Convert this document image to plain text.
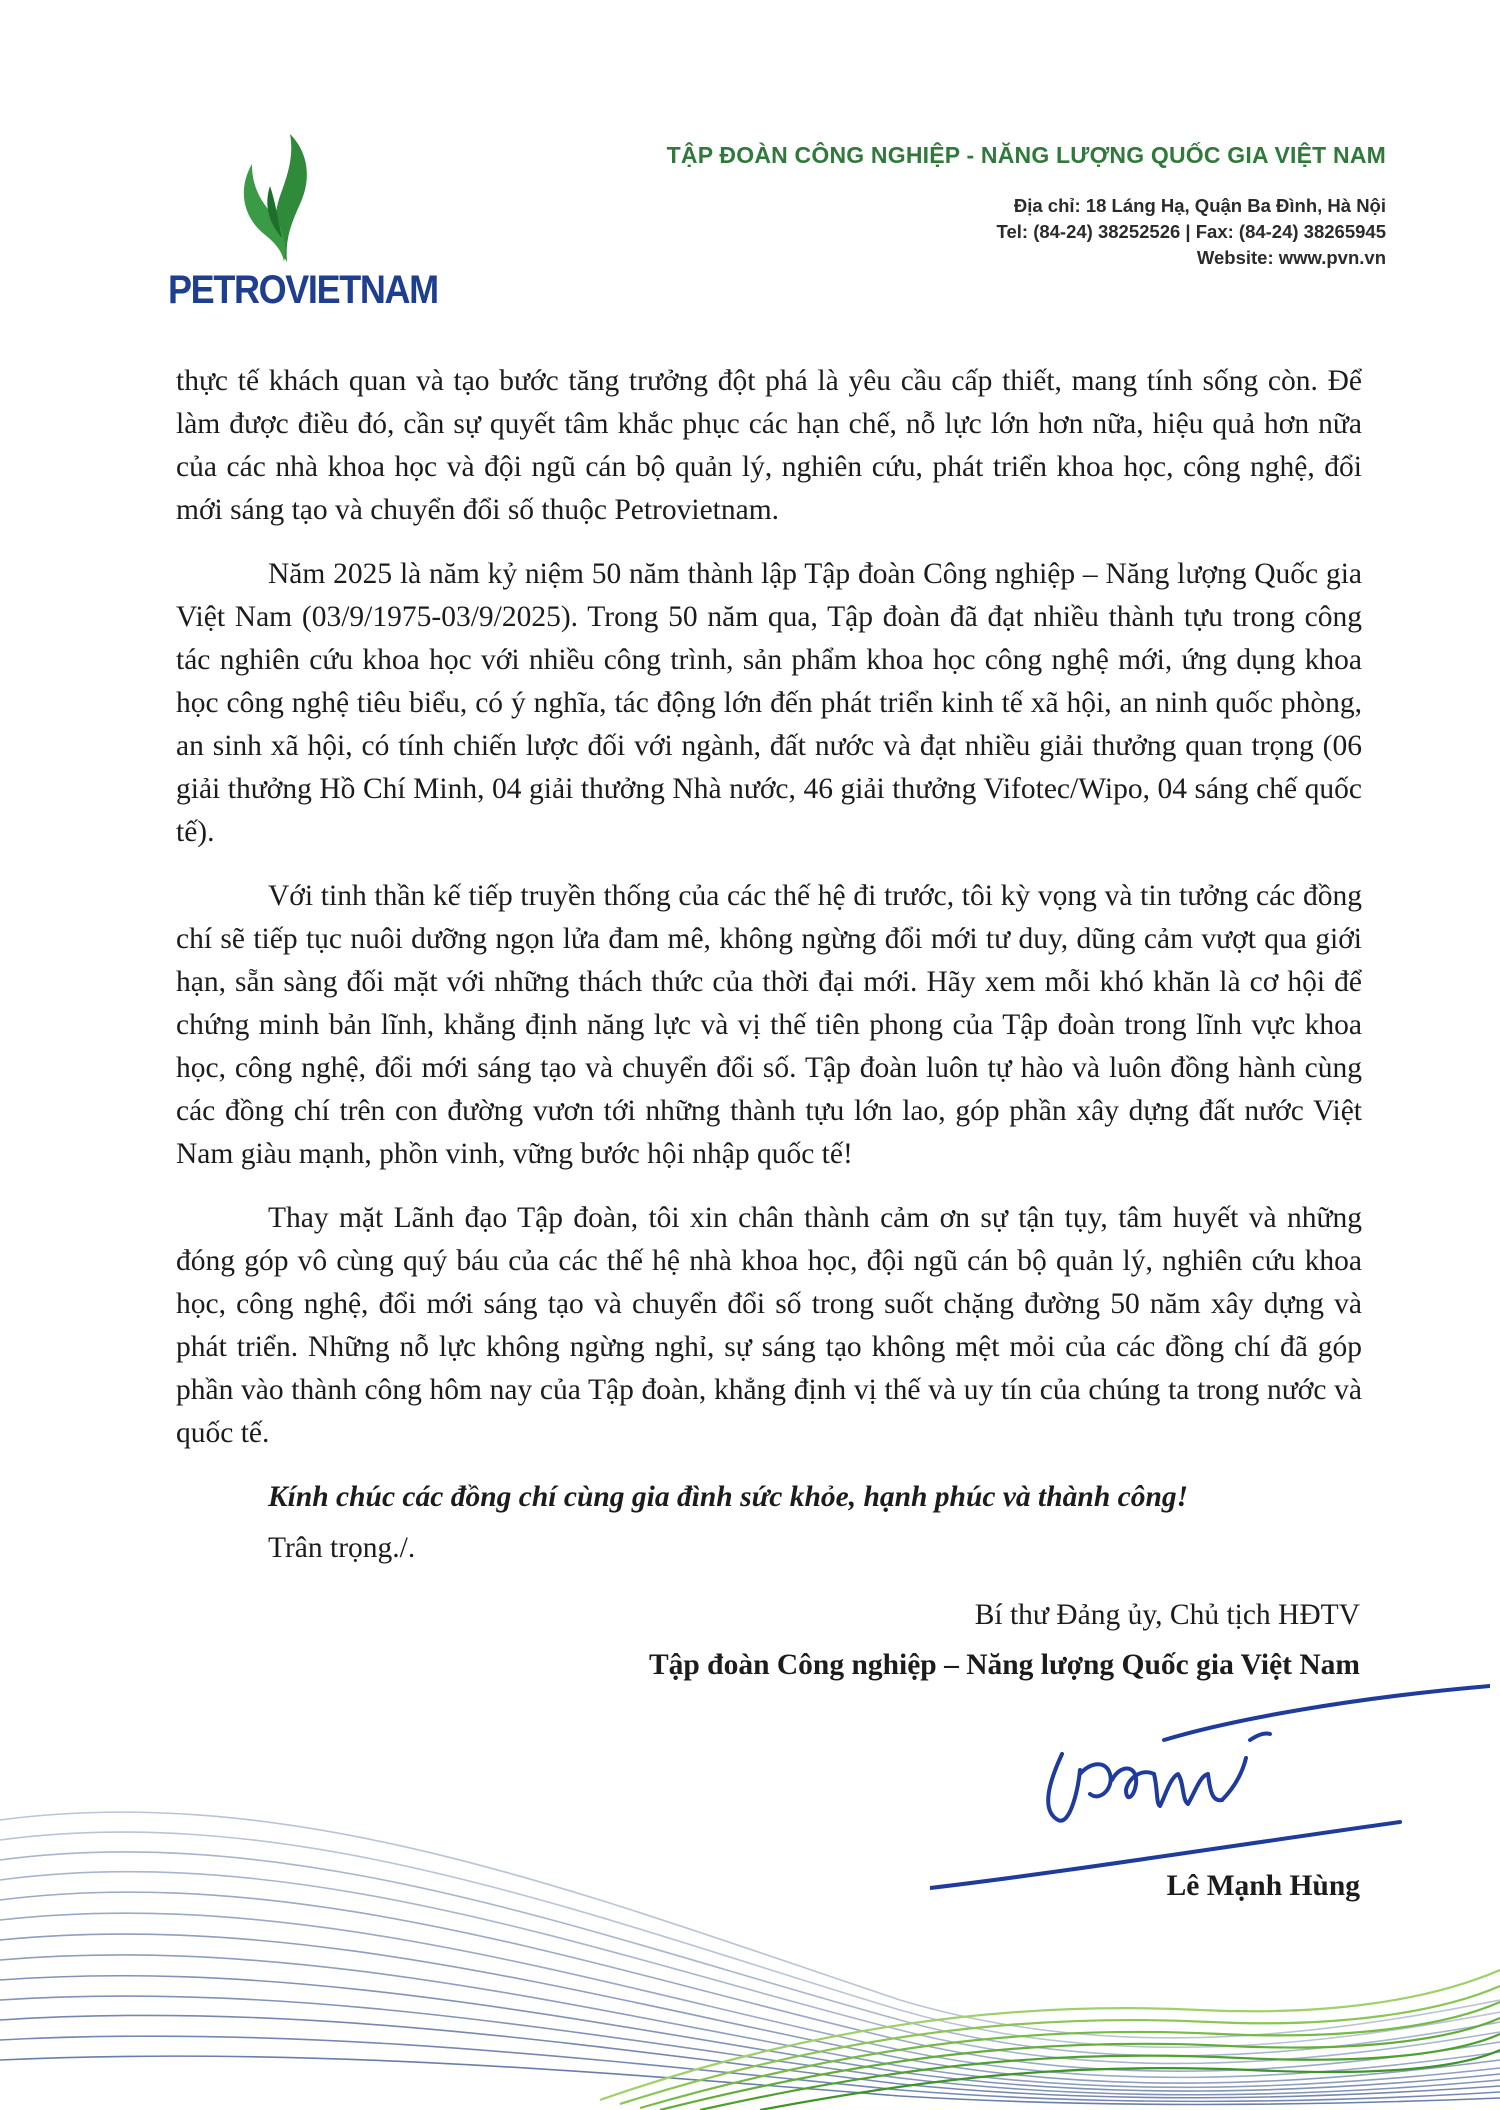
PETROVIETNAM
TẬP ĐOÀN CÔNG NGHIỆP - NĂNG LƯỢNG QUỐC GIA VIỆT NAM
Địa chỉ: 18 Láng Hạ, Quận Ba Đình, Hà Nội
Tel: (84-24) 38252526 | Fax: (84-24) 38265945
Website: www.pvn.vn

thực tế khách quan và tạo bước tăng trưởng đột phá là yêu cầu cấp thiết, mang tính sống còn. Để làm được điều đó, cần sự quyết tâm khắc phục các hạn chế, nỗ lực lớn hơn nữa, hiệu quả hơn nữa của các nhà khoa học và đội ngũ cán bộ quản lý, nghiên cứu, phát triển khoa học, công nghệ, đổi mới sáng tạo và chuyển đổi số thuộc Petrovietnam.

Năm 2025 là năm kỷ niệm 50 năm thành lập Tập đoàn Công nghiệp – Năng lượng Quốc gia Việt Nam (03/9/1975-03/9/2025). Trong 50 năm qua, Tập đoàn đã đạt nhiều thành tựu trong công tác nghiên cứu khoa học với nhiều công trình, sản phẩm khoa học công nghệ mới, ứng dụng khoa học công nghệ tiêu biểu, có ý nghĩa, tác động lớn đến phát triển kinh tế xã hội, an ninh quốc phòng, an sinh xã hội, có tính chiến lược đối với ngành, đất nước và đạt nhiều giải thưởng quan trọng (06 giải thưởng Hồ Chí Minh, 04 giải thưởng Nhà nước, 46 giải thưởng Vifotec/Wipo, 04 sáng chế quốc tế).

Với tinh thần kế tiếp truyền thống của các thế hệ đi trước, tôi kỳ vọng và tin tưởng các đồng chí sẽ tiếp tục nuôi dưỡng ngọn lửa đam mê, không ngừng đổi mới tư duy, dũng cảm vượt qua giới hạn, sẵn sàng đối mặt với những thách thức của thời đại mới. Hãy xem mỗi khó khăn là cơ hội để chứng minh bản lĩnh, khẳng định năng lực và vị thế tiên phong của Tập đoàn trong lĩnh vực khoa học, công nghệ, đổi mới sáng tạo và chuyển đổi số. Tập đoàn luôn tự hào và luôn đồng hành cùng các đồng chí trên con đường vươn tới những thành tựu lớn lao, góp phần xây dựng đất nước Việt Nam giàu mạnh, phồn vinh, vững bước hội nhập quốc tế!

Thay mặt Lãnh đạo Tập đoàn, tôi xin chân thành cảm ơn sự tận tụy, tâm huyết và những đóng góp vô cùng quý báu của các thế hệ nhà khoa học, đội ngũ cán bộ quản lý, nghiên cứu khoa học, công nghệ, đổi mới sáng tạo và chuyển đổi số trong suốt chặng đường 50 năm xây dựng và phát triển. Những nỗ lực không ngừng nghỉ, sự sáng tạo không mệt mỏi của các đồng chí đã góp phần vào thành công hôm nay của Tập đoàn, khẳng định vị thế và uy tín của chúng ta trong nước và quốc tế.

Kính chúc các đồng chí cùng gia đình sức khỏe, hạnh phúc và thành công!

Trân trọng./.

Bí thư Đảng ủy, Chủ tịch HĐTV

Tập đoàn Công nghiệp – Năng lượng Quốc gia Việt Nam

Lê Mạnh Hùng
